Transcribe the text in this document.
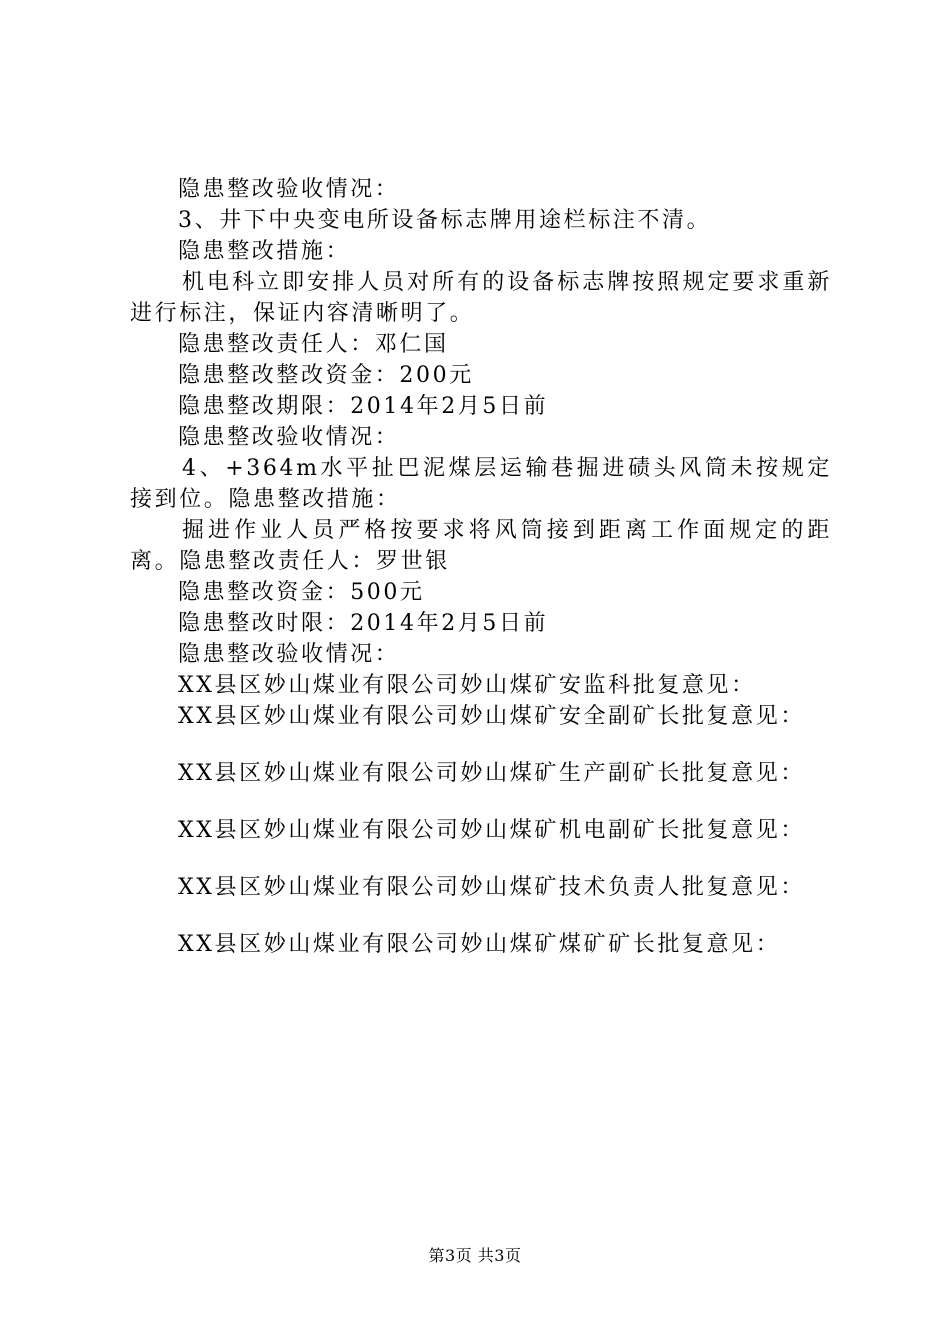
隐患整改验收情况：
3、井下中央变电所设备标志牌用途栏标注不清。
隐患整改措施：
机电科立即安排人员对所有的设备标志牌按照规定要求重新进行标注，保证内容清晰明了。
隐患整改责任人：邓仁国
隐患整改整改资金：200元
隐患整改期限：2014年2月5日前
隐患整改验收情况：
4、+364m水平扯巴泥煤层运输巷掘进碛头风筒未按规定接到位。隐患整改措施：
掘进作业人员严格按要求将风筒接到距离工作面规定的距离。隐患整改责任人：罗世银
隐患整改资金：500元
隐患整改时限：2014年2月5日前
隐患整改验收情况：
XX县区妙山煤业有限公司妙山煤矿安监科批复意见：
XX县区妙山煤业有限公司妙山煤矿安全副矿长批复意见：
XX县区妙山煤业有限公司妙山煤矿生产副矿长批复意见：
XX县区妙山煤业有限公司妙山煤矿机电副矿长批复意见：
XX县区妙山煤业有限公司妙山煤矿技术负责人批复意见：
XX县区妙山煤业有限公司妙山煤矿煤矿矿长批复意见：
第3页 共3页
